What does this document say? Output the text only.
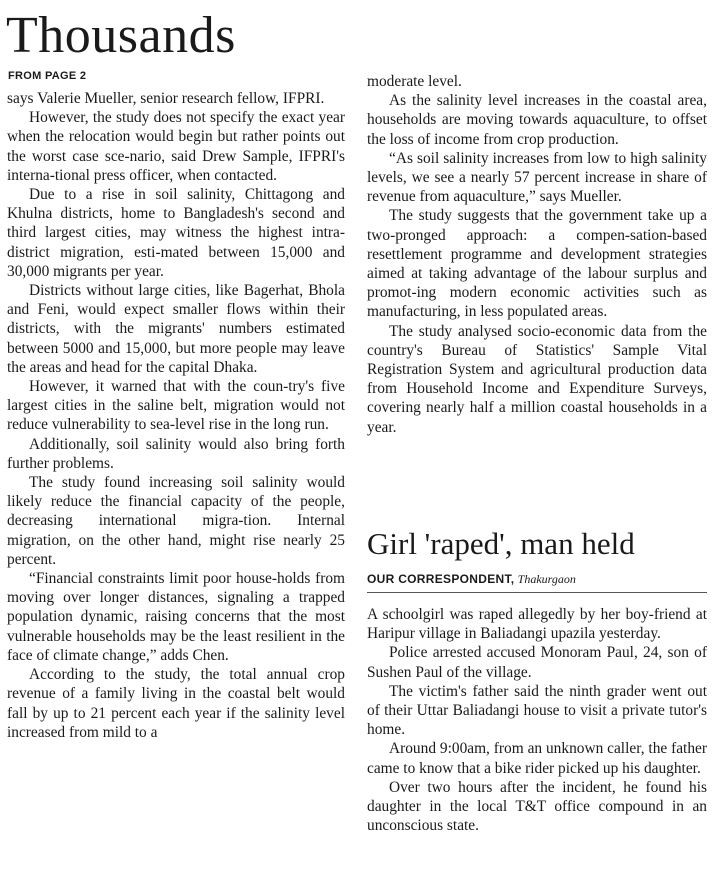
Thousands
FROM PAGE 2

says Valerie Mueller, senior research fellow, IFPRI.

However, the study does not specify the exact year when the relocation would begin but rather points out the worst case sce-nario, said Drew Sample, IFPRI's interna-tional press officer, when contacted.

Due to a rise in soil salinity, Chittagong and Khulna districts, home to Bangladesh's second and third largest cities, may witness the highest intra-district migration, esti-mated between 15,000 and 30,000 migrants per year.

Districts without large cities, like Bagerhat, Bhola and Feni, would expect smaller flows within their districts, with the migrants' numbers estimated between 5000 and 15,000, but more people may leave the areas and head for the capital Dhaka.

However, it warned that with the coun-try's five largest cities in the saline belt, migration would not reduce vulnerability to sea-level rise in the long run.

Additionally, soil salinity would also bring forth further problems.

The study found increasing soil salinity would likely reduce the financial capacity of the people, decreasing international migra-tion. Internal migration, on the other hand, might rise nearly 25 percent.

“Financial constraints limit poor house-holds from moving over longer distances, signaling a trapped population dynamic, raising concerns that the most vulnerable households may be the least resilient in the face of climate change,” adds Chen.

According to the study, the total annual crop revenue of a family living in the coastal belt would fall by up to 21 percent each year if the salinity level increased from mild to a

moderate level.

As the salinity level increases in the coastal area, households are moving towards aquaculture, to offset the loss of income from crop production.

“As soil salinity increases from low to high salinity levels, we see a nearly 57 percent increase in share of revenue from aquaculture,” says Mueller.

The study suggests that the government take up a two-pronged approach: a compen-sation-based resettlement programme and development strategies aimed at taking advantage of the labour surplus and promot-ing modern economic activities such as manufacturing, in less populated areas.

The study analysed socio-economic data from the country's Bureau of Statistics' Sample Vital Registration System and agricultural production data from Household Income and Expenditure Surveys, covering nearly half a million coastal households in a year.

Girl 'raped', man held
OUR CORRESPONDENT, Thakurgaon

A schoolgirl was raped allegedly by her boy-friend at Haripur village in Baliadangi upazila yesterday.

Police arrested accused Monoram Paul, 24, son of Sushen Paul of the village.

The victim's father said the ninth grader went out of their Uttar Baliadangi house to visit a private tutor's home.

Around 9:00am, from an unknown caller, the father came to know that a bike rider picked up his daughter.

Over two hours after the incident, he found his daughter in the local T&T office compound in an unconscious state.
